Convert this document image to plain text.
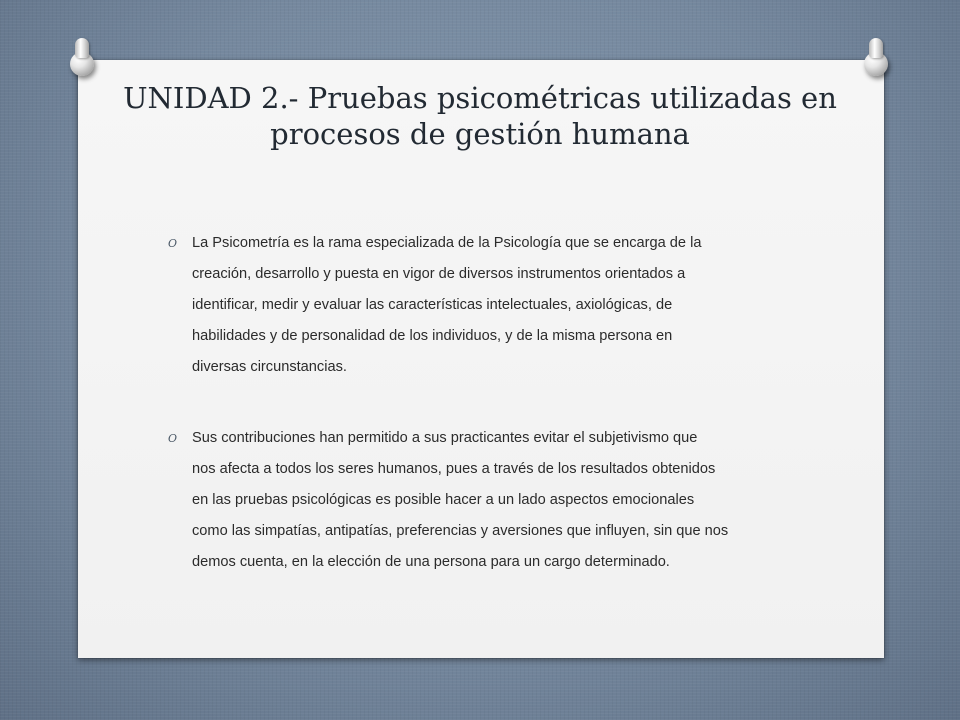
UNIDAD 2.- Pruebas psicométricas utilizadas en
procesos de gestión humana
O La Psicometría es la rama especializada de la Psicología que se encarga de la
creación, desarrollo y puesta en vigor de diversos instrumentos orientados a
identificar, medir y evaluar las características intelectuales, axiológicas, de
habilidades y de personalidad de los individuos, y de la misma persona en
diversas circunstancias.
O Sus contribuciones han permitido a sus practicantes evitar el subjetivismo que
nos afecta a todos los seres humanos, pues a través de los resultados obtenidos
en las pruebas psicológicas es posible hacer a un lado aspectos emocionales
como las simpatías, antipatías, preferencias y aversiones que influyen, sin que nos
demos cuenta, en la elección de una persona para un cargo determinado.
